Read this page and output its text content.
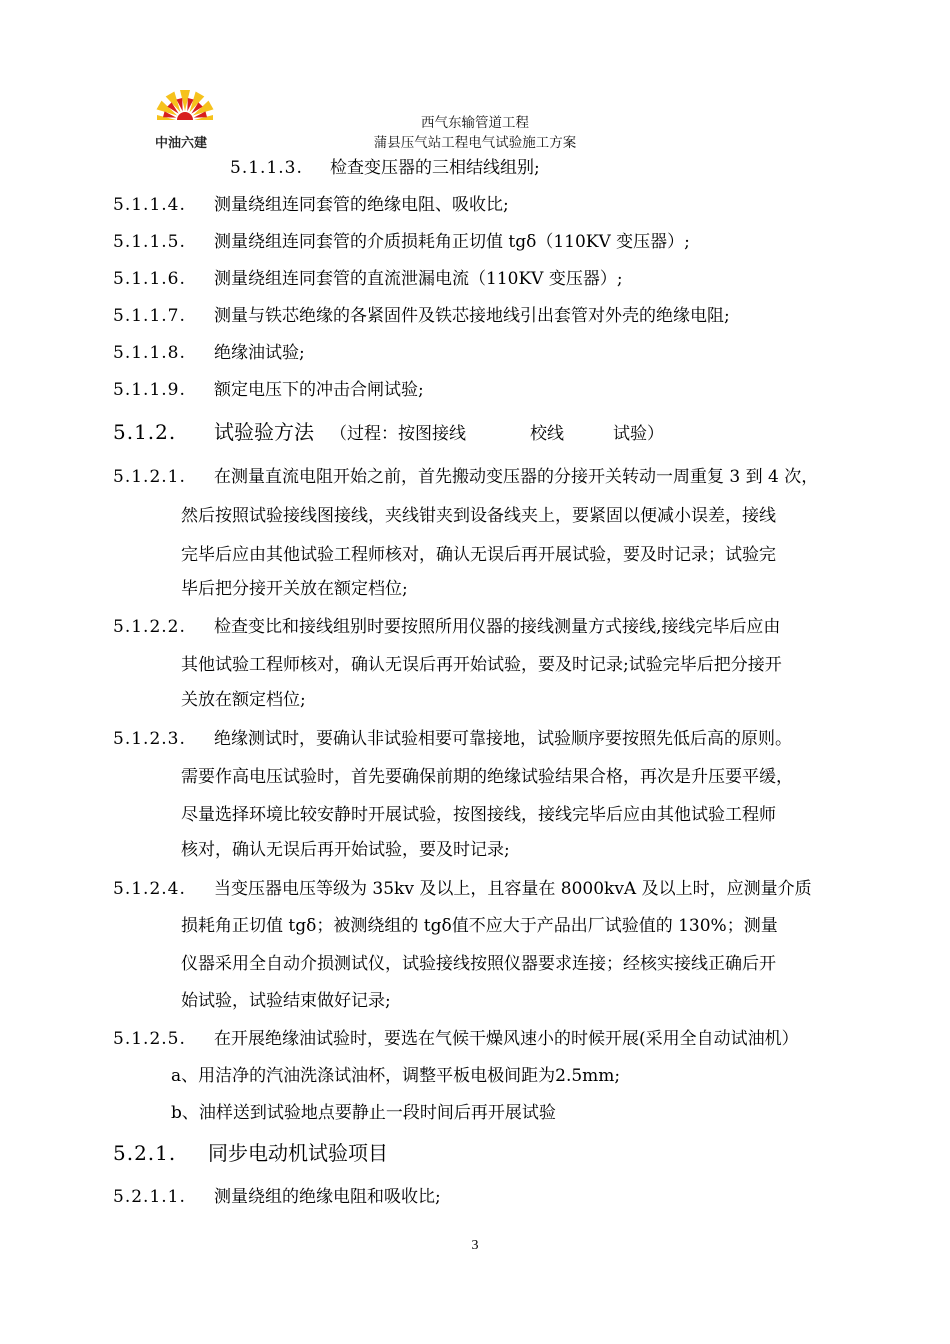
中油六建
西气东输管道工程
蒲县压气站工程电气试验施工方案
5.1.1.3. 检查变压器的三相结线组别;
5.1.1.4. 测量绕组连同套管的绝缘电阻、吸收比;
5.1.1.5. 测量绕组连同套管的介质损耗角正切值 tgδ（110KV 变压器）;
5.1.1.6. 测量绕组连同套管的直流泄漏电流（110KV 变压器）;
5.1.1.7. 测量与铁芯绝缘的各紧固件及铁芯接地线引出套管对外壳的绝缘电阻;
5.1.1.8. 绝缘油试验;
5.1.1.9. 额定电压下的冲击合闸试验;
5.1.2. 试验验方法 （过程：按图接线	校线	试验）
5.1.2.1. 在测量直流电阻开始之前，首先搬动变压器的分接开关转动一周重复 3 到 4 次，
然后按照试验接线图接线，夹线钳夹到设备线夹上，要紧固以便减小误差，接线
完毕后应由其他试验工程师核对，确认无误后再开展试验，要及时记录；试验完
毕后把分接开关放在额定档位;
5.1.2.2. 检查变比和接线组别时要按照所用仪器的接线测量方式接线,接线完毕后应由
其他试验工程师核对，确认无误后再开始试验，要及时记录;试验完毕后把分接开
关放在额定档位;
5.1.2.3. 绝缘测试时，要确认非试验相要可靠接地，试验顺序要按照先低后高的原则。
需要作高电压试验时，首先要确保前期的绝缘试验结果合格，再次是升压要平缓，
尽量选择环境比较安静时开展试验，按图接线，接线完毕后应由其他试验工程师
核对，确认无误后再开始试验，要及时记录;
5.1.2.4. 当变压器电压等级为 35kv 及以上，且容量在 8000kvA 及以上时，应测量介质
损耗角正切值 tgδ；被测绕组的 tgδ值不应大于产品出厂试验值的 130%；测量
仪器采用全自动介损测试仪，试验接线按照仪器要求连接；经核实接线正确后开
始试验，试验结束做好记录;
5.1.2.5. 在开展绝缘油试验时，要选在气候干燥风速小的时候开展(采用全自动试油机）
a、用洁净的汽油洗涤试油杯，调整平板电极间距为2.5mm;
b、油样送到试验地点要静止一段时间后再开展试验
5.2.1. 同步电动机试验项目
5.2.1.1. 测量绕组的绝缘电阻和吸收比;
3
